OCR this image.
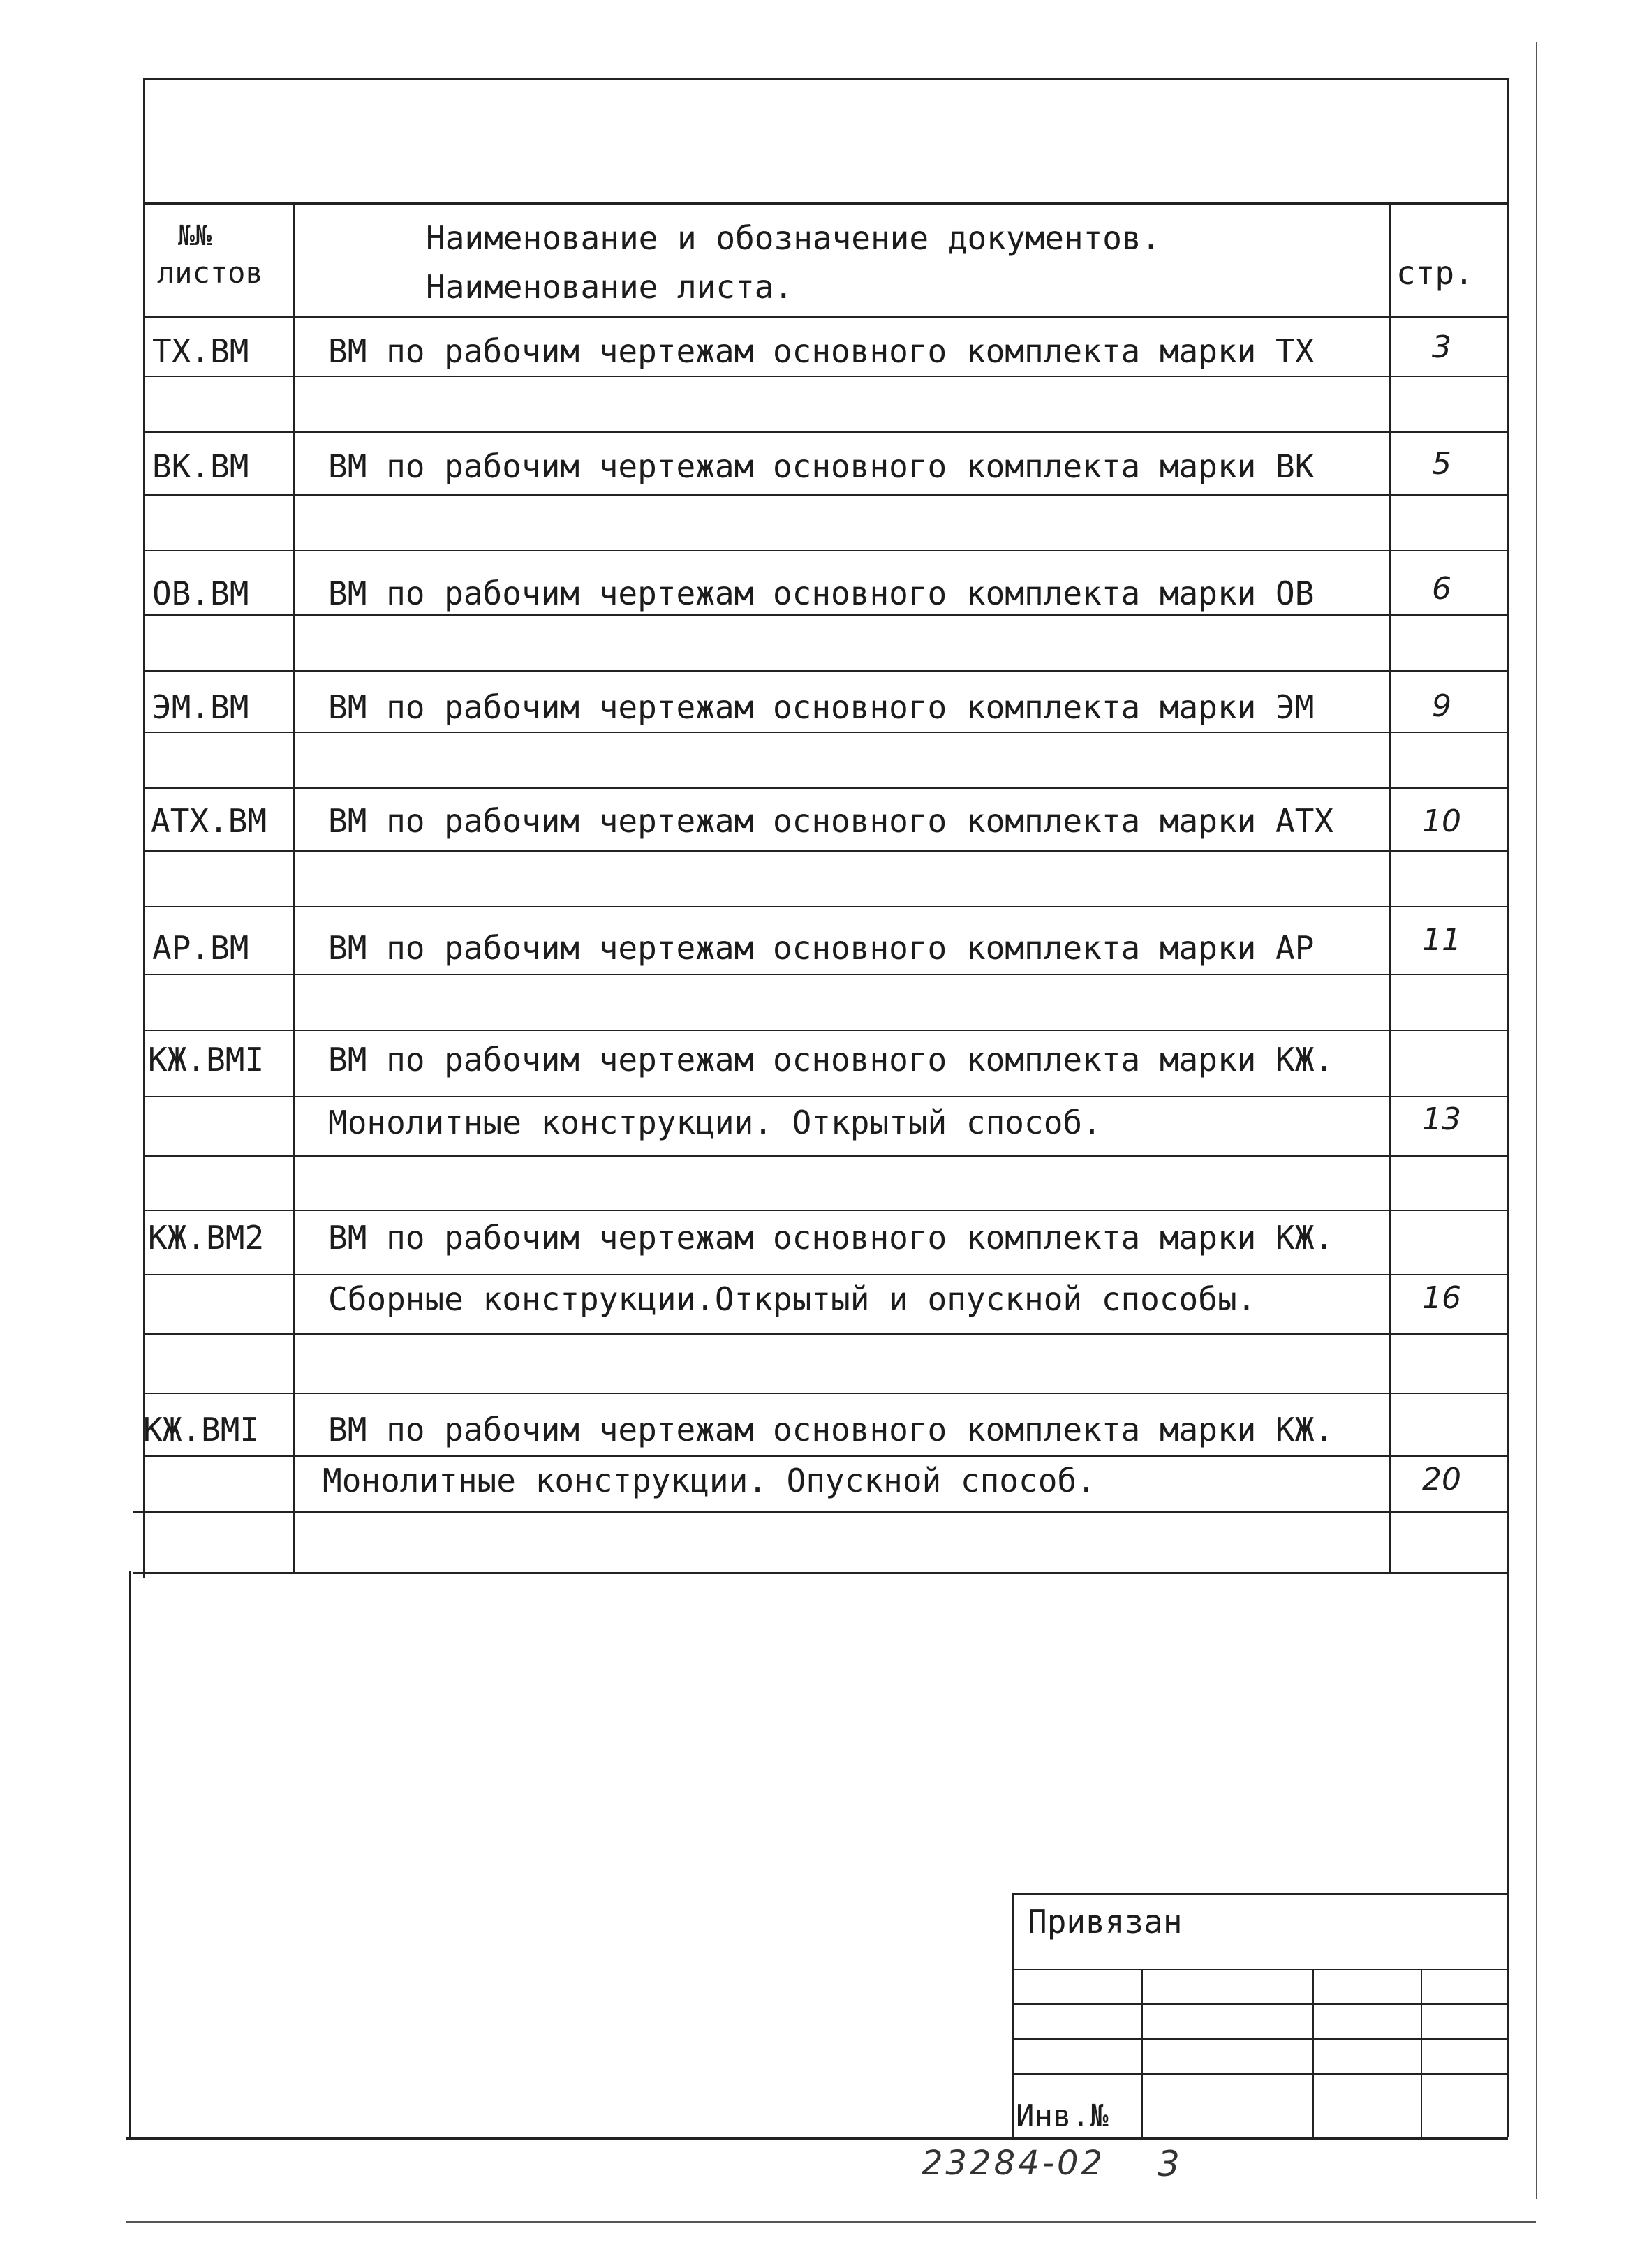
№№
листов
Наименование и обозначение документов.
Наименование листа.	стр.
ТХ.ВМ ВМ по рабочим чертежам основного комплекта марки ТХ	3
ВК.ВМ ВМ по рабочим чертежам основного комплекта марки ВК	5
ОВ.ВМ ВМ по рабочим чертежам основного комплекта марки ОВ	6
ЭМ.ВМ ВМ по рабочим чертежам основного комплекта марки ЭМ	9
АТХ.ВМ ВМ по рабочим чертежам основного комплекта марки АТХ	10
АР.ВМ ВМ по рабочим чертежам основного комплекта марки АР	11
КЖ.ВМI ВМ по рабочим чертежам основного комплекта марки КЖ.
Монолитные конструкции. Открытый способ.	13
КЖ.ВМ2 ВМ по рабочим чертежам основного комплекта марки КЖ.
Сборные конструкции.Открытый и опускной способы.	16
КЖ.ВМI ВМ по рабочим чертежам основного комплекта марки КЖ.
Монолитные конструкции. Опускной способ.	20
Привязан
Инв.№
23284-02 3
